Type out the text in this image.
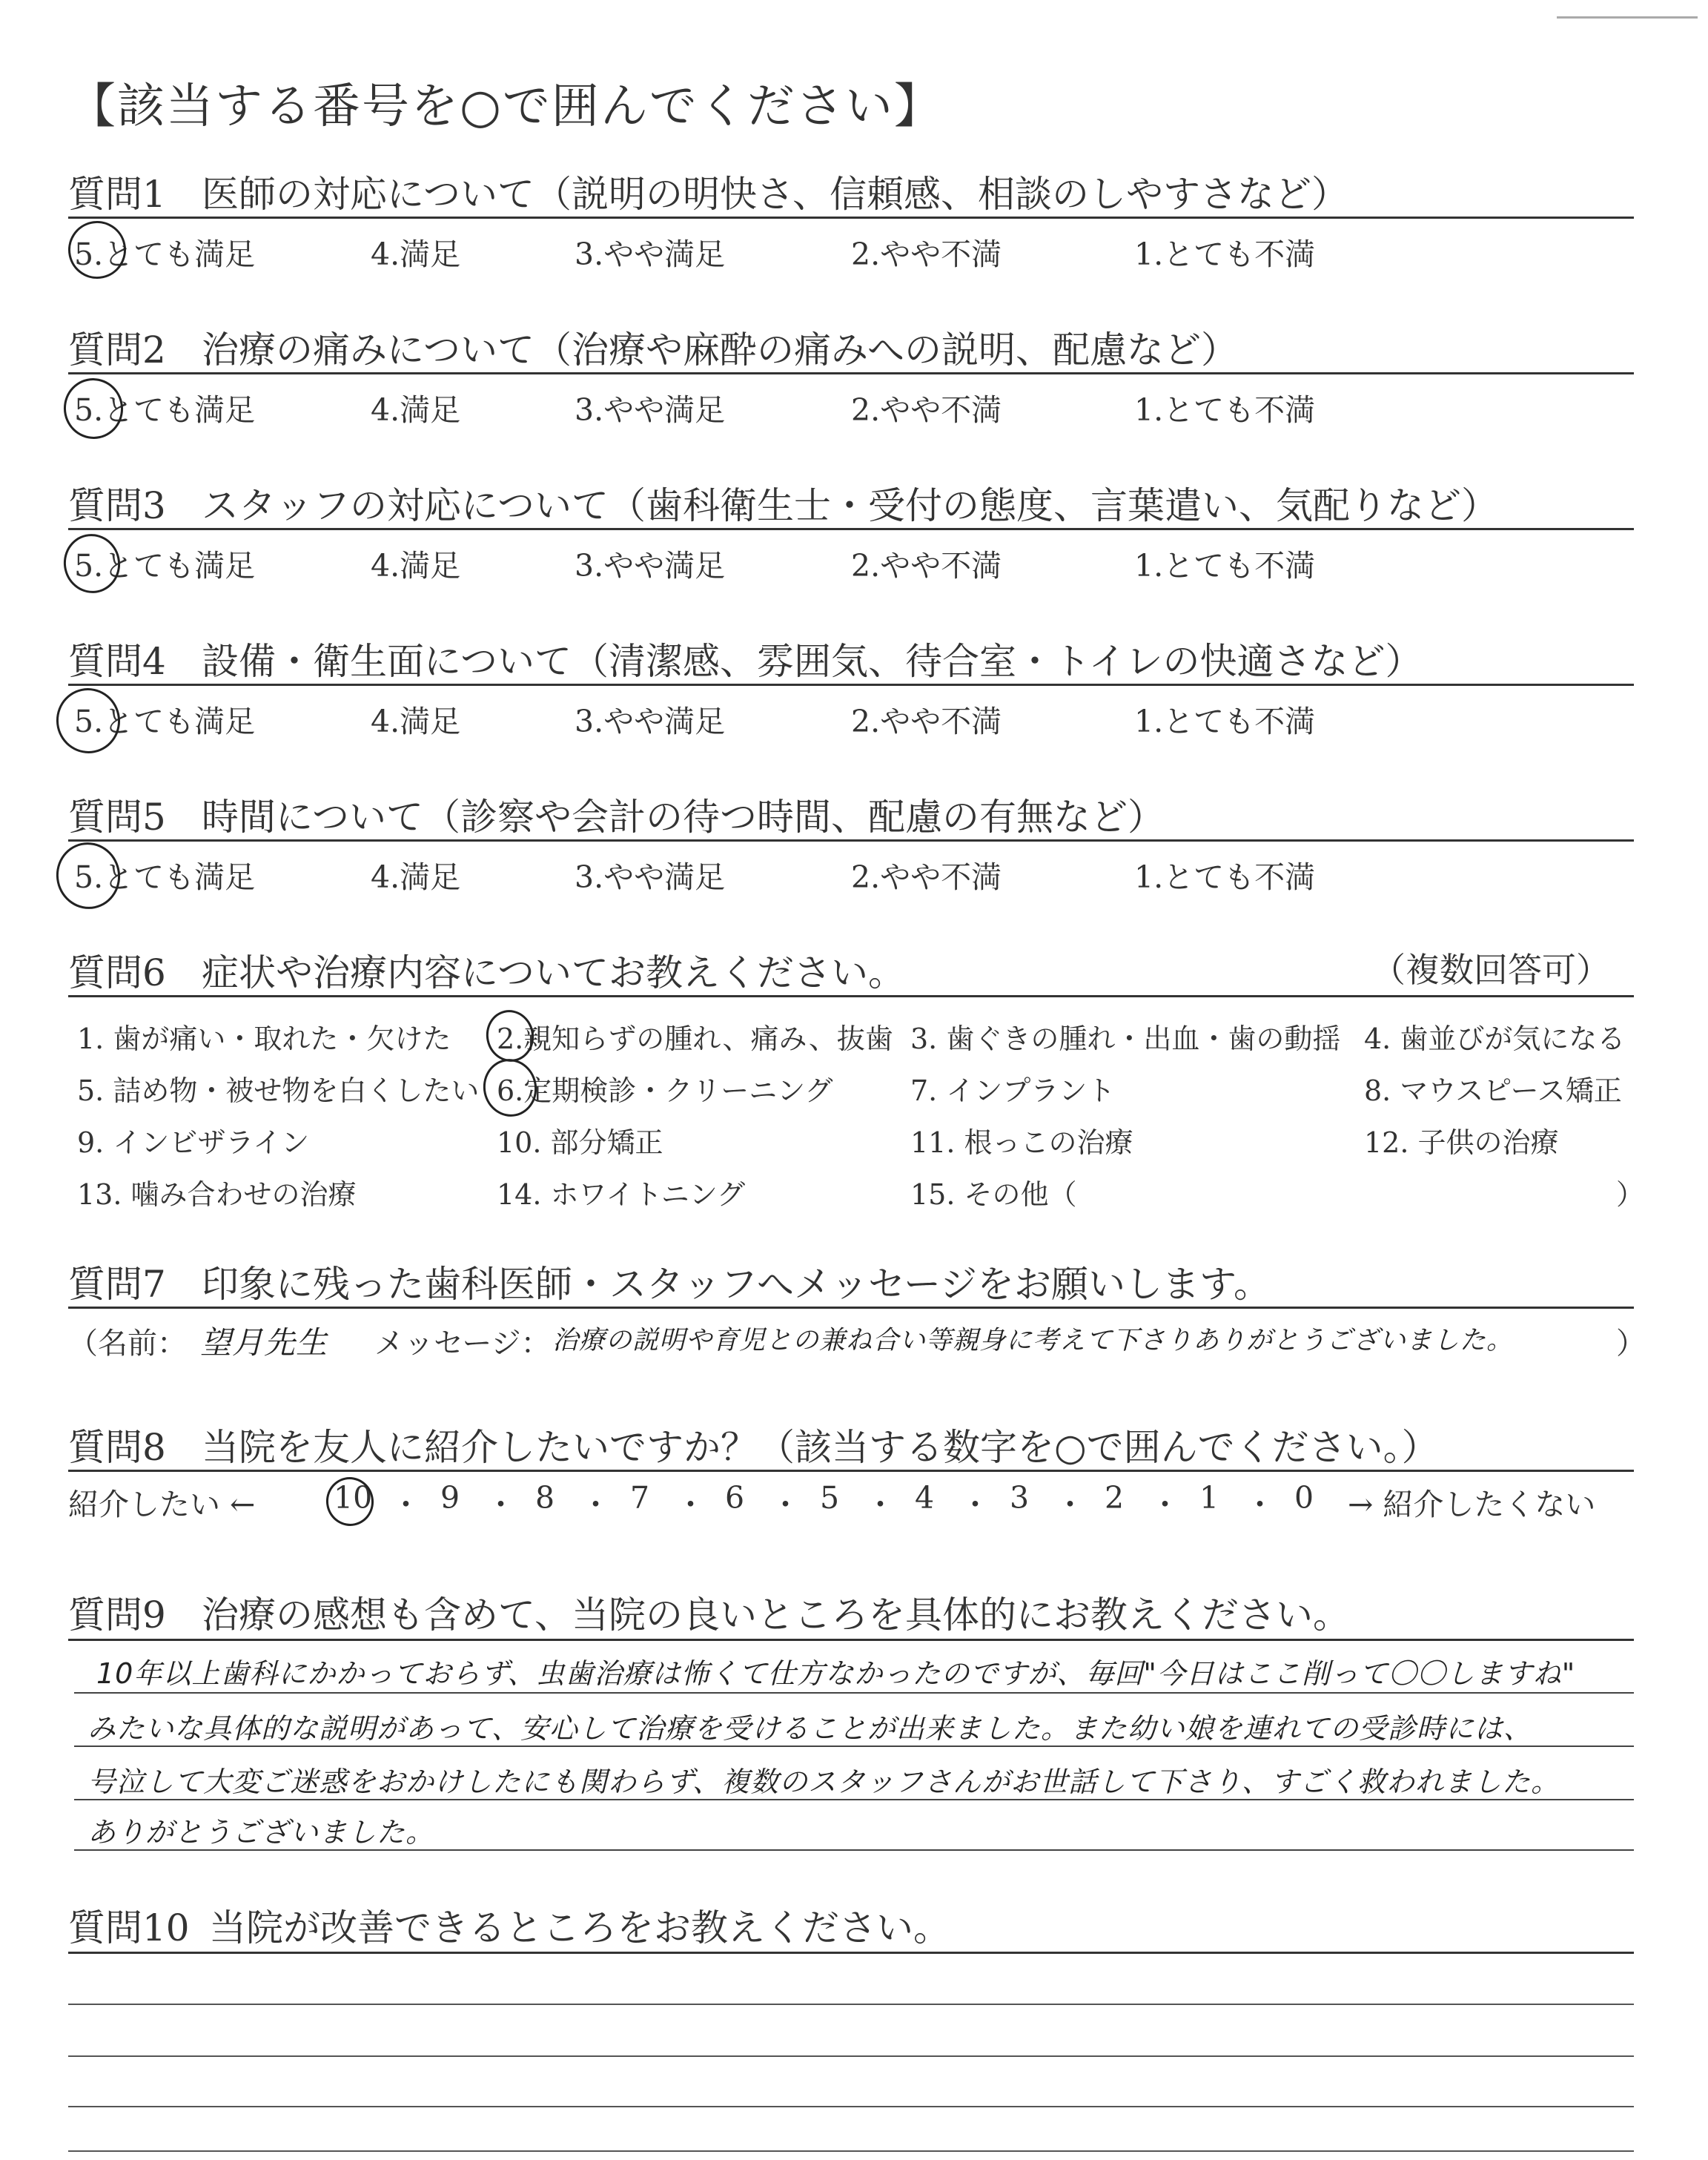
【該当する番号を○で囲んでください】
質問1 医師の対応について（説明の明快さ、信頼感、相談のしやすさなど）
5.とても満足	4.満足	3.やや満足	2.やや不満	1.とても不満
質問2 治療の痛みについて（治療や麻酔の痛みへの説明、配慮など）
5.とても満足	4.満足	3.やや満足	2.やや不満	1.とても不満
質問3 スタッフの対応について（歯科衛生士・受付の態度、言葉遣い、気配りなど）
5.とても満足	4.満足	3.やや満足	2.やや不満	1.とても不満
質問4 設備・衛生面について（清潔感、雰囲気、待合室・トイレの快適さなど）
5.とても満足	4.満足	3.やや満足	2.やや不満	1.とても不満
質問5 時間について（診察や会計の待つ時間、配慮の有無など）
5.とても満足	4.満足	3.やや満足	2.やや不満	1.とても不満
質問6 症状や治療内容についてお教えください。	（複数回答可）
1. 歯が痛い・取れた・欠けた 2.親知らずの腫れ、痛み、抜歯 3. 歯ぐきの腫れ・出血・歯の動揺 4. 歯並びが気になる
5. 詰め物・被せ物を白くしたい 6.定期検診・クリーニング	7. インプラント	8. マウスピース矯正
9. インビザライン	10. 部分矯正	11. 根っこの治療	12. 子供の治療
13. 噛み合わせの治療	14. ホワイトニング	15. その他（	）
質問7 印象に残った歯科医師・スタッフへメッセージをお願いします。
（名前： 望月先生 メッセージ： 治療の説明や育児との兼ね合い等親身に考えて下さりありがとうございました。	）
質問8 当院を友人に紹介したいですか？（該当する数字を○で囲んでください。）
紹介したい ←	10 ・ 9 ・ 8 ・ 7 ・ 6 ・ 5 ・ 4 ・ 3 ・ 2 ・ 1 ・ 0 → 紹介したくない
質問9 治療の感想も含めて、当院の良いところを具体的にお教えください。
10年以上歯科にかかっておらず、虫歯治療は怖くて仕方なかったのですが、毎回"今日はここ削って〇〇しますね"
みたいな具体的な説明があって、安心して治療を受けることが出来ました。また幼い娘を連れての受診時には、
号泣して大変ご迷惑をおかけしたにも関わらず、複数のスタッフさんがお世話して下さり、すごく救われました。
ありがとうございました。
質問10 当院が改善できるところをお教えください。
